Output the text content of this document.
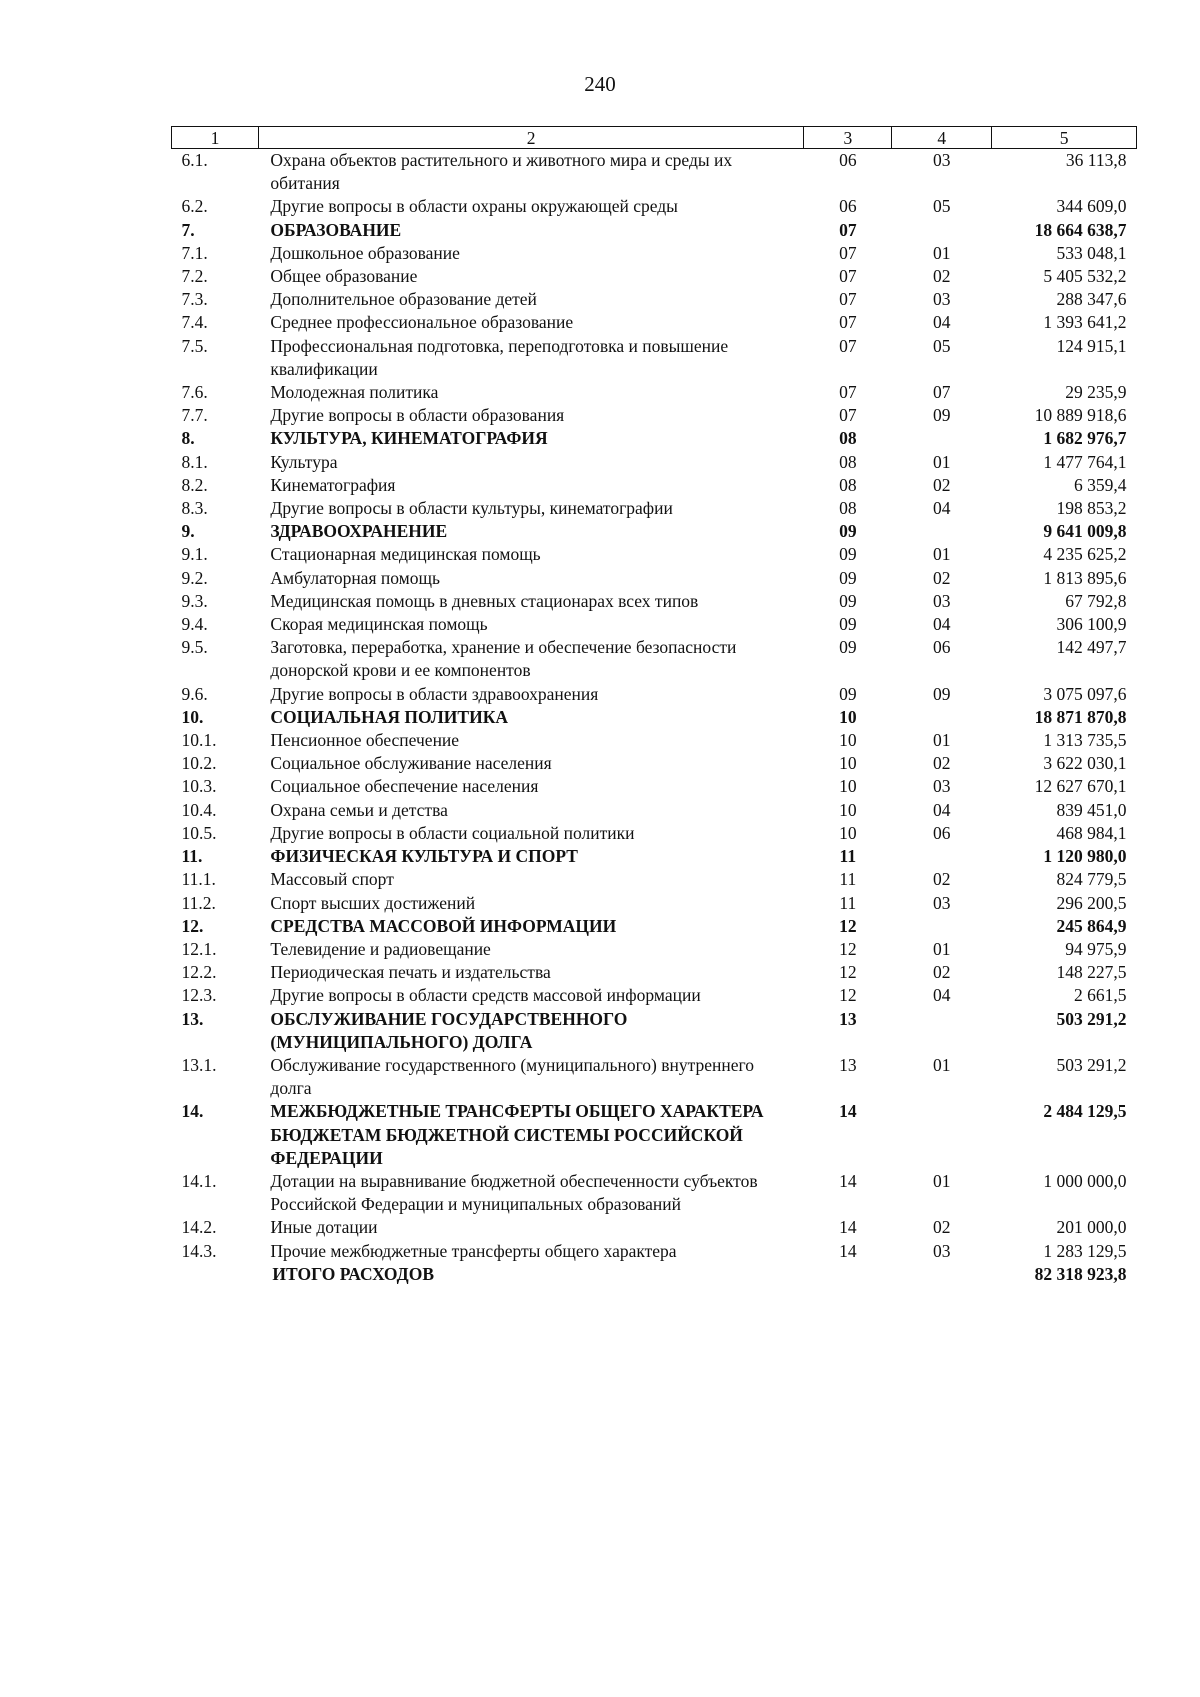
240
1	2	3	4	5
6.1.	Охрана объектов растительного и животного мира и среды их обитания	06	03	36 113,8
6.2.	Другие вопросы в области охраны окружающей среды	06	05	344 609,0
7.	ОБРАЗОВАНИЕ	07		18 664 638,7
7.1.	Дошкольное образование	07	01	533 048,1
7.2.	Общее образование	07	02	5 405 532,2
7.3.	Дополнительное образование детей	07	03	288 347,6
7.4.	Среднее профессиональное образование	07	04	1 393 641,2
7.5.	Профессиональная подготовка, переподготовка и повышение квалификации	07	05	124 915,1
7.6.	Молодежная политика	07	07	29 235,9
7.7.	Другие вопросы в области образования	07	09	10 889 918,6
8.	КУЛЬТУРА, КИНЕМАТОГРАФИЯ	08		1 682 976,7
8.1.	Культура	08	01	1 477 764,1
8.2.	Кинематография	08	02	6 359,4
8.3.	Другие вопросы в области культуры, кинематографии	08	04	198 853,2
9.	ЗДРАВООХРАНЕНИЕ	09		9 641 009,8
9.1.	Стационарная медицинская помощь	09	01	4 235 625,2
9.2.	Амбулаторная помощь	09	02	1 813 895,6
9.3.	Медицинская помощь в дневных стационарах всех типов	09	03	67 792,8
9.4.	Скорая медицинская помощь	09	04	306 100,9
9.5.	Заготовка, переработка, хранение и обеспечение безопасности донорской крови и ее компонентов	09	06	142 497,7
9.6.	Другие вопросы в области здравоохранения	09	09	3 075 097,6
10.	СОЦИАЛЬНАЯ ПОЛИТИКА	10		18 871 870,8
10.1.	Пенсионное обеспечение	10	01	1 313 735,5
10.2.	Социальное обслуживание населения	10	02	3 622 030,1
10.3.	Социальное обеспечение населения	10	03	12 627 670,1
10.4.	Охрана семьи и детства	10	04	839 451,0
10.5.	Другие вопросы в области социальной политики	10	06	468 984,1
11.	ФИЗИЧЕСКАЯ КУЛЬТУРА И СПОРТ	11		1 120 980,0
11.1.	Массовый спорт	11	02	824 779,5
11.2.	Спорт высших достижений	11	03	296 200,5
12.	СРЕДСТВА МАССОВОЙ ИНФОРМАЦИИ	12		245 864,9
12.1.	Телевидение и радиовещание	12	01	94 975,9
12.2.	Периодическая печать и издательства	12	02	148 227,5
12.3.	Другие вопросы в области средств массовой информации	12	04	2 661,5
13.	ОБСЛУЖИВАНИЕ ГОСУДАРСТВЕННОГО (МУНИЦИПАЛЬНОГО) ДОЛГА	13		503 291,2
13.1.	Обслуживание государственного (муниципального) внутреннего долга	13	01	503 291,2
14.	МЕЖБЮДЖЕТНЫЕ ТРАНСФЕРТЫ ОБЩЕГО ХАРАКТЕРА БЮДЖЕТАМ БЮДЖЕТНОЙ СИСТЕМЫ РОССИЙСКОЙ ФЕДЕРАЦИИ	14		2 484 129,5
14.1.	Дотации на выравнивание бюджетной обеспеченности субъектов Российской Федерации и муниципальных образований	14	01	1 000 000,0
14.2.	Иные дотации	14	02	201 000,0
14.3.	Прочие межбюджетные трансферты общего характера	14	03	1 283 129,5
	ИТОГО РАСХОДОВ			82 318 923,8
